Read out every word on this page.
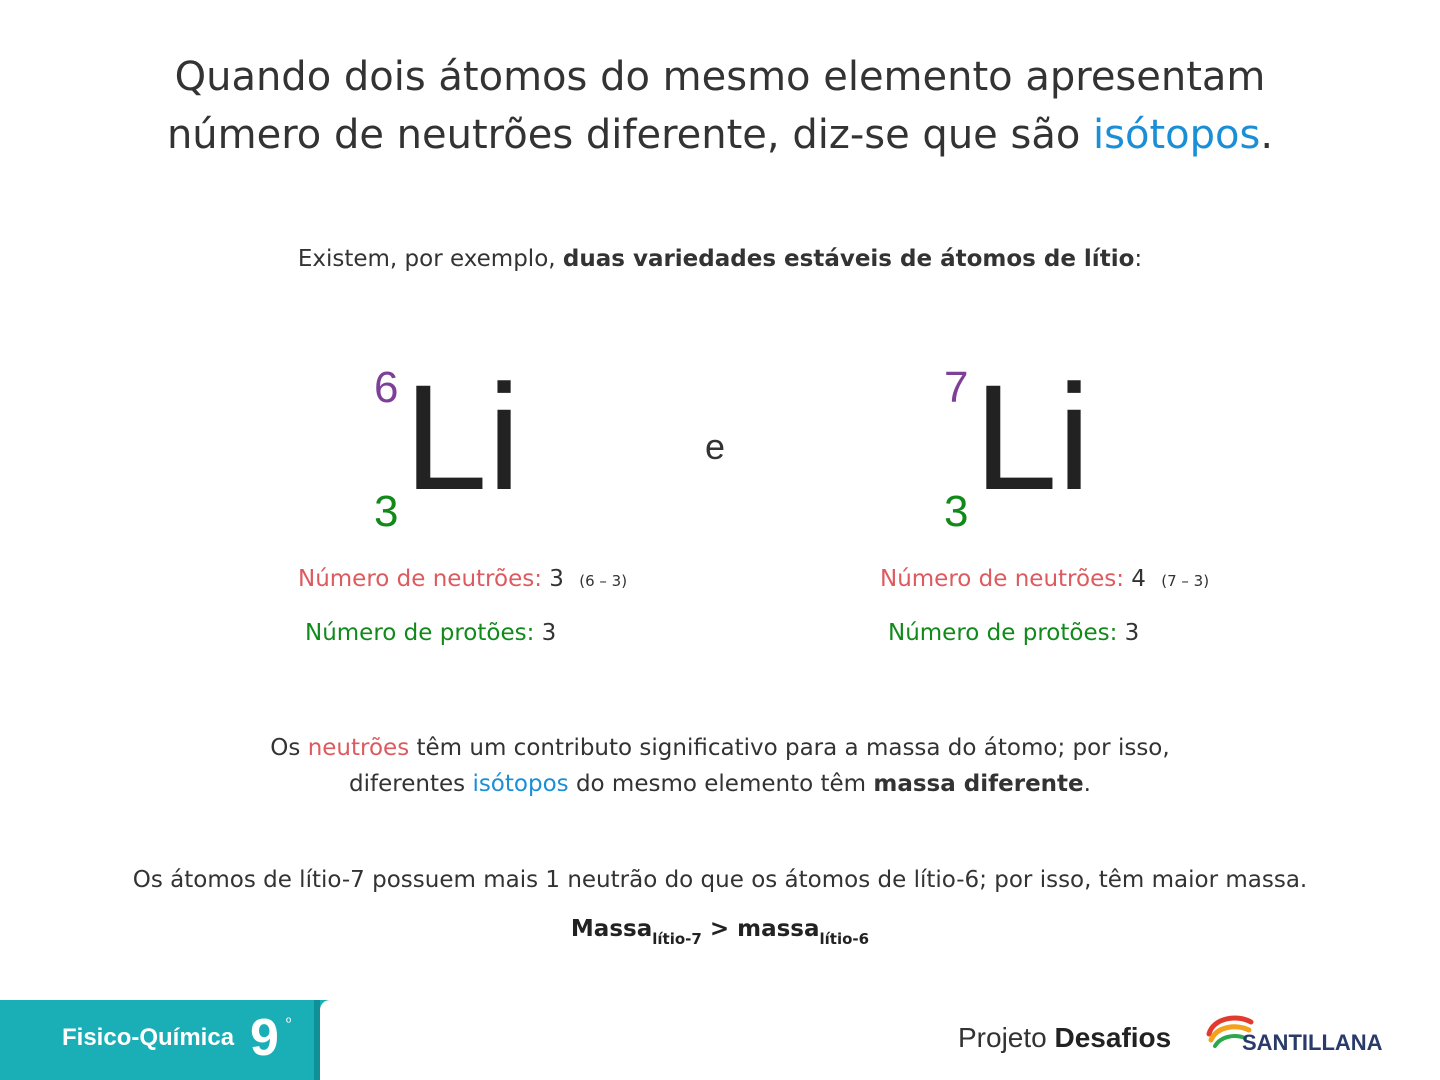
Quando dois átomos do mesmo elemento apresentam
número de neutrões diferente, diz-se que são isótopos.
Existem, por exemplo, duas variedades estáveis de átomos de lítio:
6
3 Li	e
7
3 Li
Número de neutrões: 3 (6 – 3)
Número de protões: 3
Número de neutrões: 4 (7 – 3)
Número de protões: 3
Os neutrões têm um contributo significativo para a massa do átomo; por isso,
diferentes isótopos do mesmo elemento têm massa diferente.
Os átomos de lítio-7 possuem mais 1 neutrão do que os átomos de lítio-6; por isso, têm maior massa.
Massa$_{lítio-7}$ > massa$_{lítio-6}$
Fisico-Química 9 º	Projeto Desafios	SANTILLANA
